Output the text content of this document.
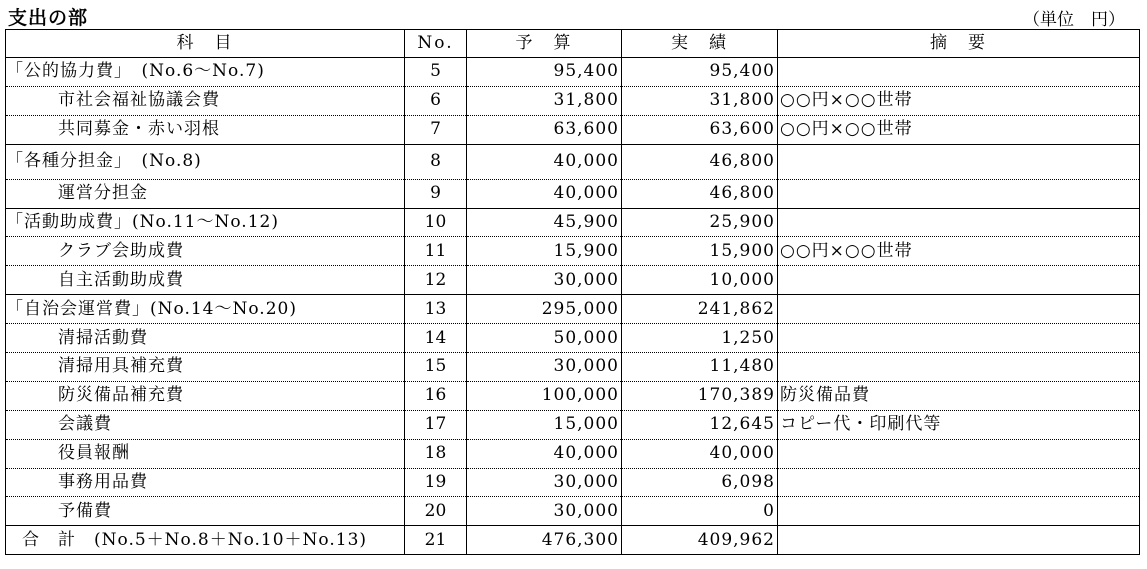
支出の部	（単位　円）
科　目	No.	予　算	実　績	摘　要
「公的協力費」　(No.6～No.7)	5	95,400	95,400	
市社会福祉協議会費	6	31,800	31,800	○○円×○○世帯
共同募金・赤い羽根	7	63,600	63,600	○○円×○○世帯
「各種分担金」　(No.8)	8	40,000	46,800	
運営分担金	9	40,000	46,800	
「活動助成費」(No.11～No.12)	10	45,900	25,900	
クラブ会助成費	11	15,900	15,900	○○円×○○世帯
自主活動助成費	12	30,000	10,000	
「自治会運営費」(No.14～No.20)	13	295,000	241,862	
清掃活動費	14	50,000	1,250	
清掃用具補充費	15	30,000	11,480	
防災備品補充費	16	100,000	170,389	防災備品費
会議費	17	15,000	12,645	コピー代・印刷代等
役員報酬	18	40,000	40,000	
事務用品費	19	30,000	6,098	
予備費	20	30,000	0	
合　計　(No.5＋No.8＋No.10＋No.13)	21	476,300	409,962	
